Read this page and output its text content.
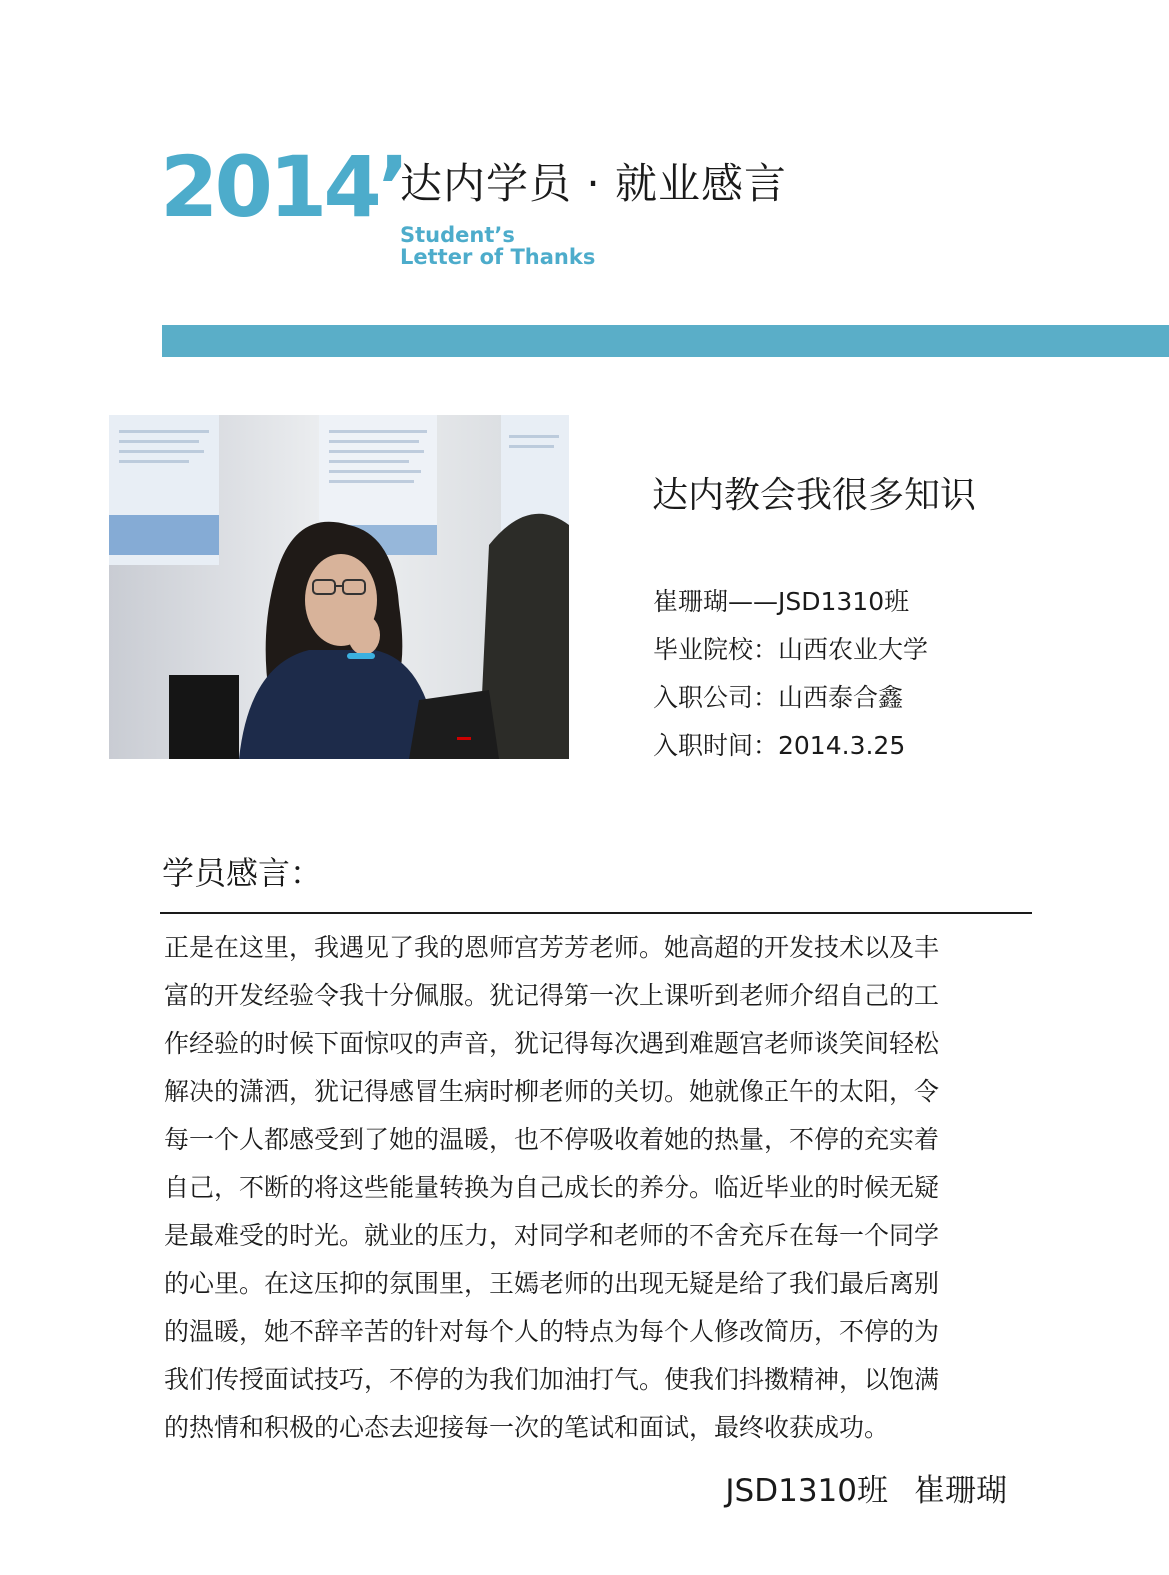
2014’
达内学员 · 就业感言
Student’s
Letter of Thanks
达内教会我很多知识
崔珊瑚——JSD1310班
毕业院校：山西农业大学
入职公司：山西泰合鑫
入职时间：2014.3.25
学员感言：
正是在这里，我遇见了我的恩师宫芳芳老师。她高超的开发技术以及丰
富的开发经验令我十分佩服。犹记得第一次上课听到老师介绍自己的工
作经验的时候下面惊叹的声音，犹记得每次遇到难题宫老师谈笑间轻松
解决的潇洒，犹记得感冒生病时柳老师的关切。她就像正午的太阳，令
每一个人都感受到了她的温暖，也不停吸收着她的热量，不停的充实着
自己，不断的将这些能量转换为自己成长的养分。临近毕业的时候无疑
是最难受的时光。就业的压力，对同学和老师的不舍充斥在每一个同学
的心里。在这压抑的氛围里，王嫣老师的出现无疑是给了我们最后离别
的温暖，她不辞辛苦的针对每个人的特点为每个人修改简历，不停的为
我们传授面试技巧，不停的为我们加油打气。使我们抖擞精神，以饱满
的热情和积极的心态去迎接每一次的笔试和面试，最终收获成功。
JSD1310班 崔珊瑚
